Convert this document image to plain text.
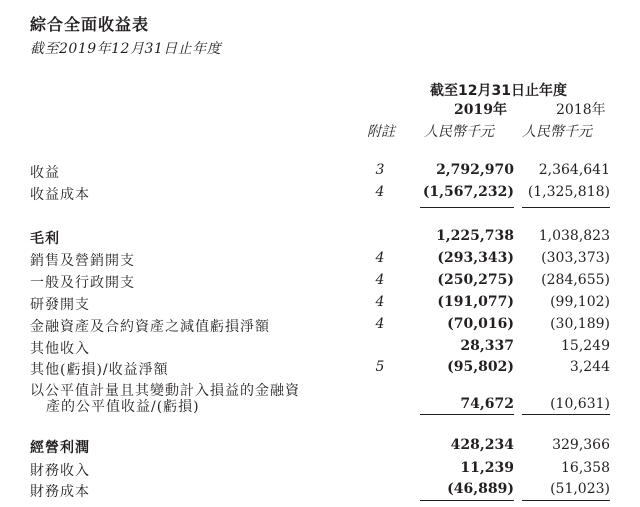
綜合全面收益表
截至2019年12月31日止年度
截至12月31日止年度
2019年	2018年
附註 人民幣千元 人民幣千元
收益	3	2,792,970 2,364,641
收益成本	4	(1,567,232) (1,325,818)
毛利	1,225,738 1,038,823
銷售及營銷開支	4	(293,343) (303,373)
一般及行政開支	4	(250,275) (284,655)
研發開支	4	(191,077)	(99,102)
金融資產及合約資產之減值虧損淨額	4	(70,016)	(30,189)
其他收入	28,337	15,249
其他(虧損)/收益淨額	5	(95,802)	3,244
以公平值計量且其變動計入損益的金融資
產的公平值收益/(虧損)	74,672	(10,631)
經營利潤	428,234	329,366
財務收入	11,239	16,358
財務成本	(46,889)	(51,023)
